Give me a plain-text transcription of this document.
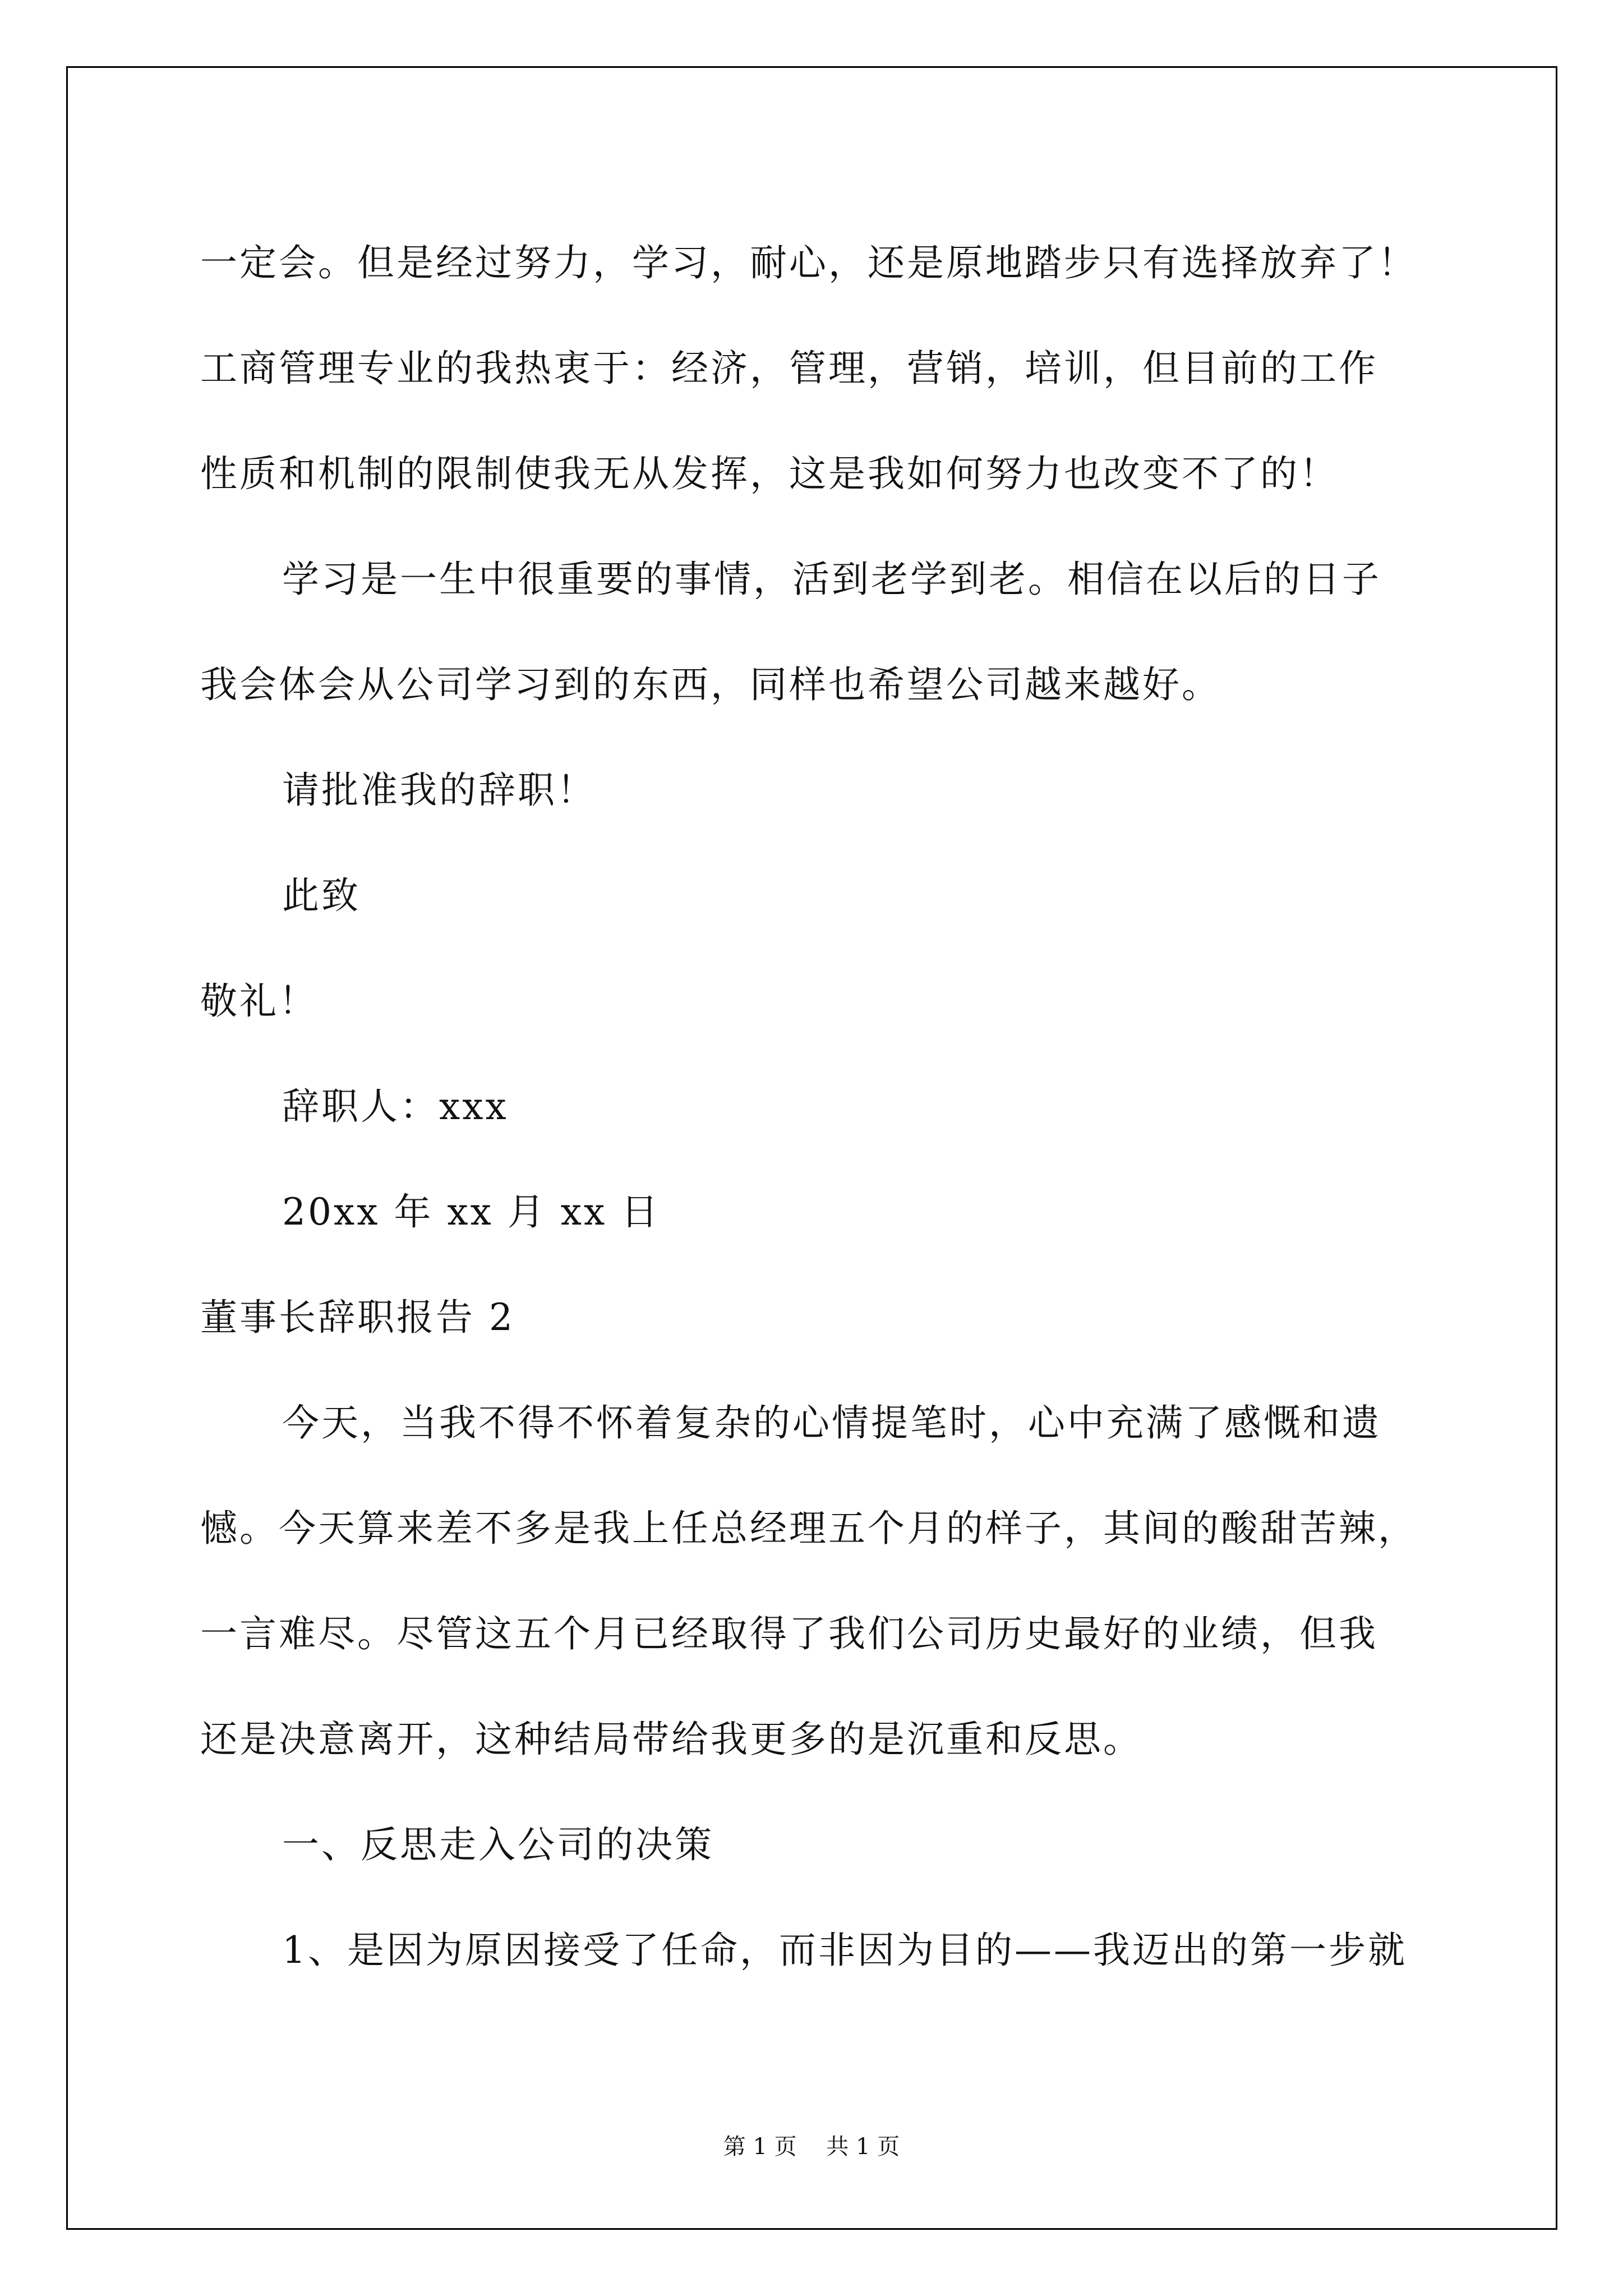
一定会。但是经过努力，学习，耐心，还是原地踏步只有选择放弃了！

工商管理专业的我热衷于：经济，管理，营销，培训，但目前的工作

性质和机制的限制使我无从发挥，这是我如何努力也改变不了的！

学习是一生中很重要的事情，活到老学到老。相信在以后的日子

我会体会从公司学习到的东西，同样也希望公司越来越好。

请批准我的辞职！

此致

敬礼！

辞职人：xxx

20xx 年 xx 月 xx 日

董事长辞职报告 2

今天，当我不得不怀着复杂的心情提笔时，心中充满了感慨和遗

憾。今天算来差不多是我上任总经理五个月的样子，其间的酸甜苦辣，

一言难尽。尽管这五个月已经取得了我们公司历史最好的业绩，但我

还是决意离开，这种结局带给我更多的是沉重和反思。

一、反思走入公司的决策

1、是因为原因接受了任命，而非因为目的——我迈出的第一步就

第 1 页 共 1 页
